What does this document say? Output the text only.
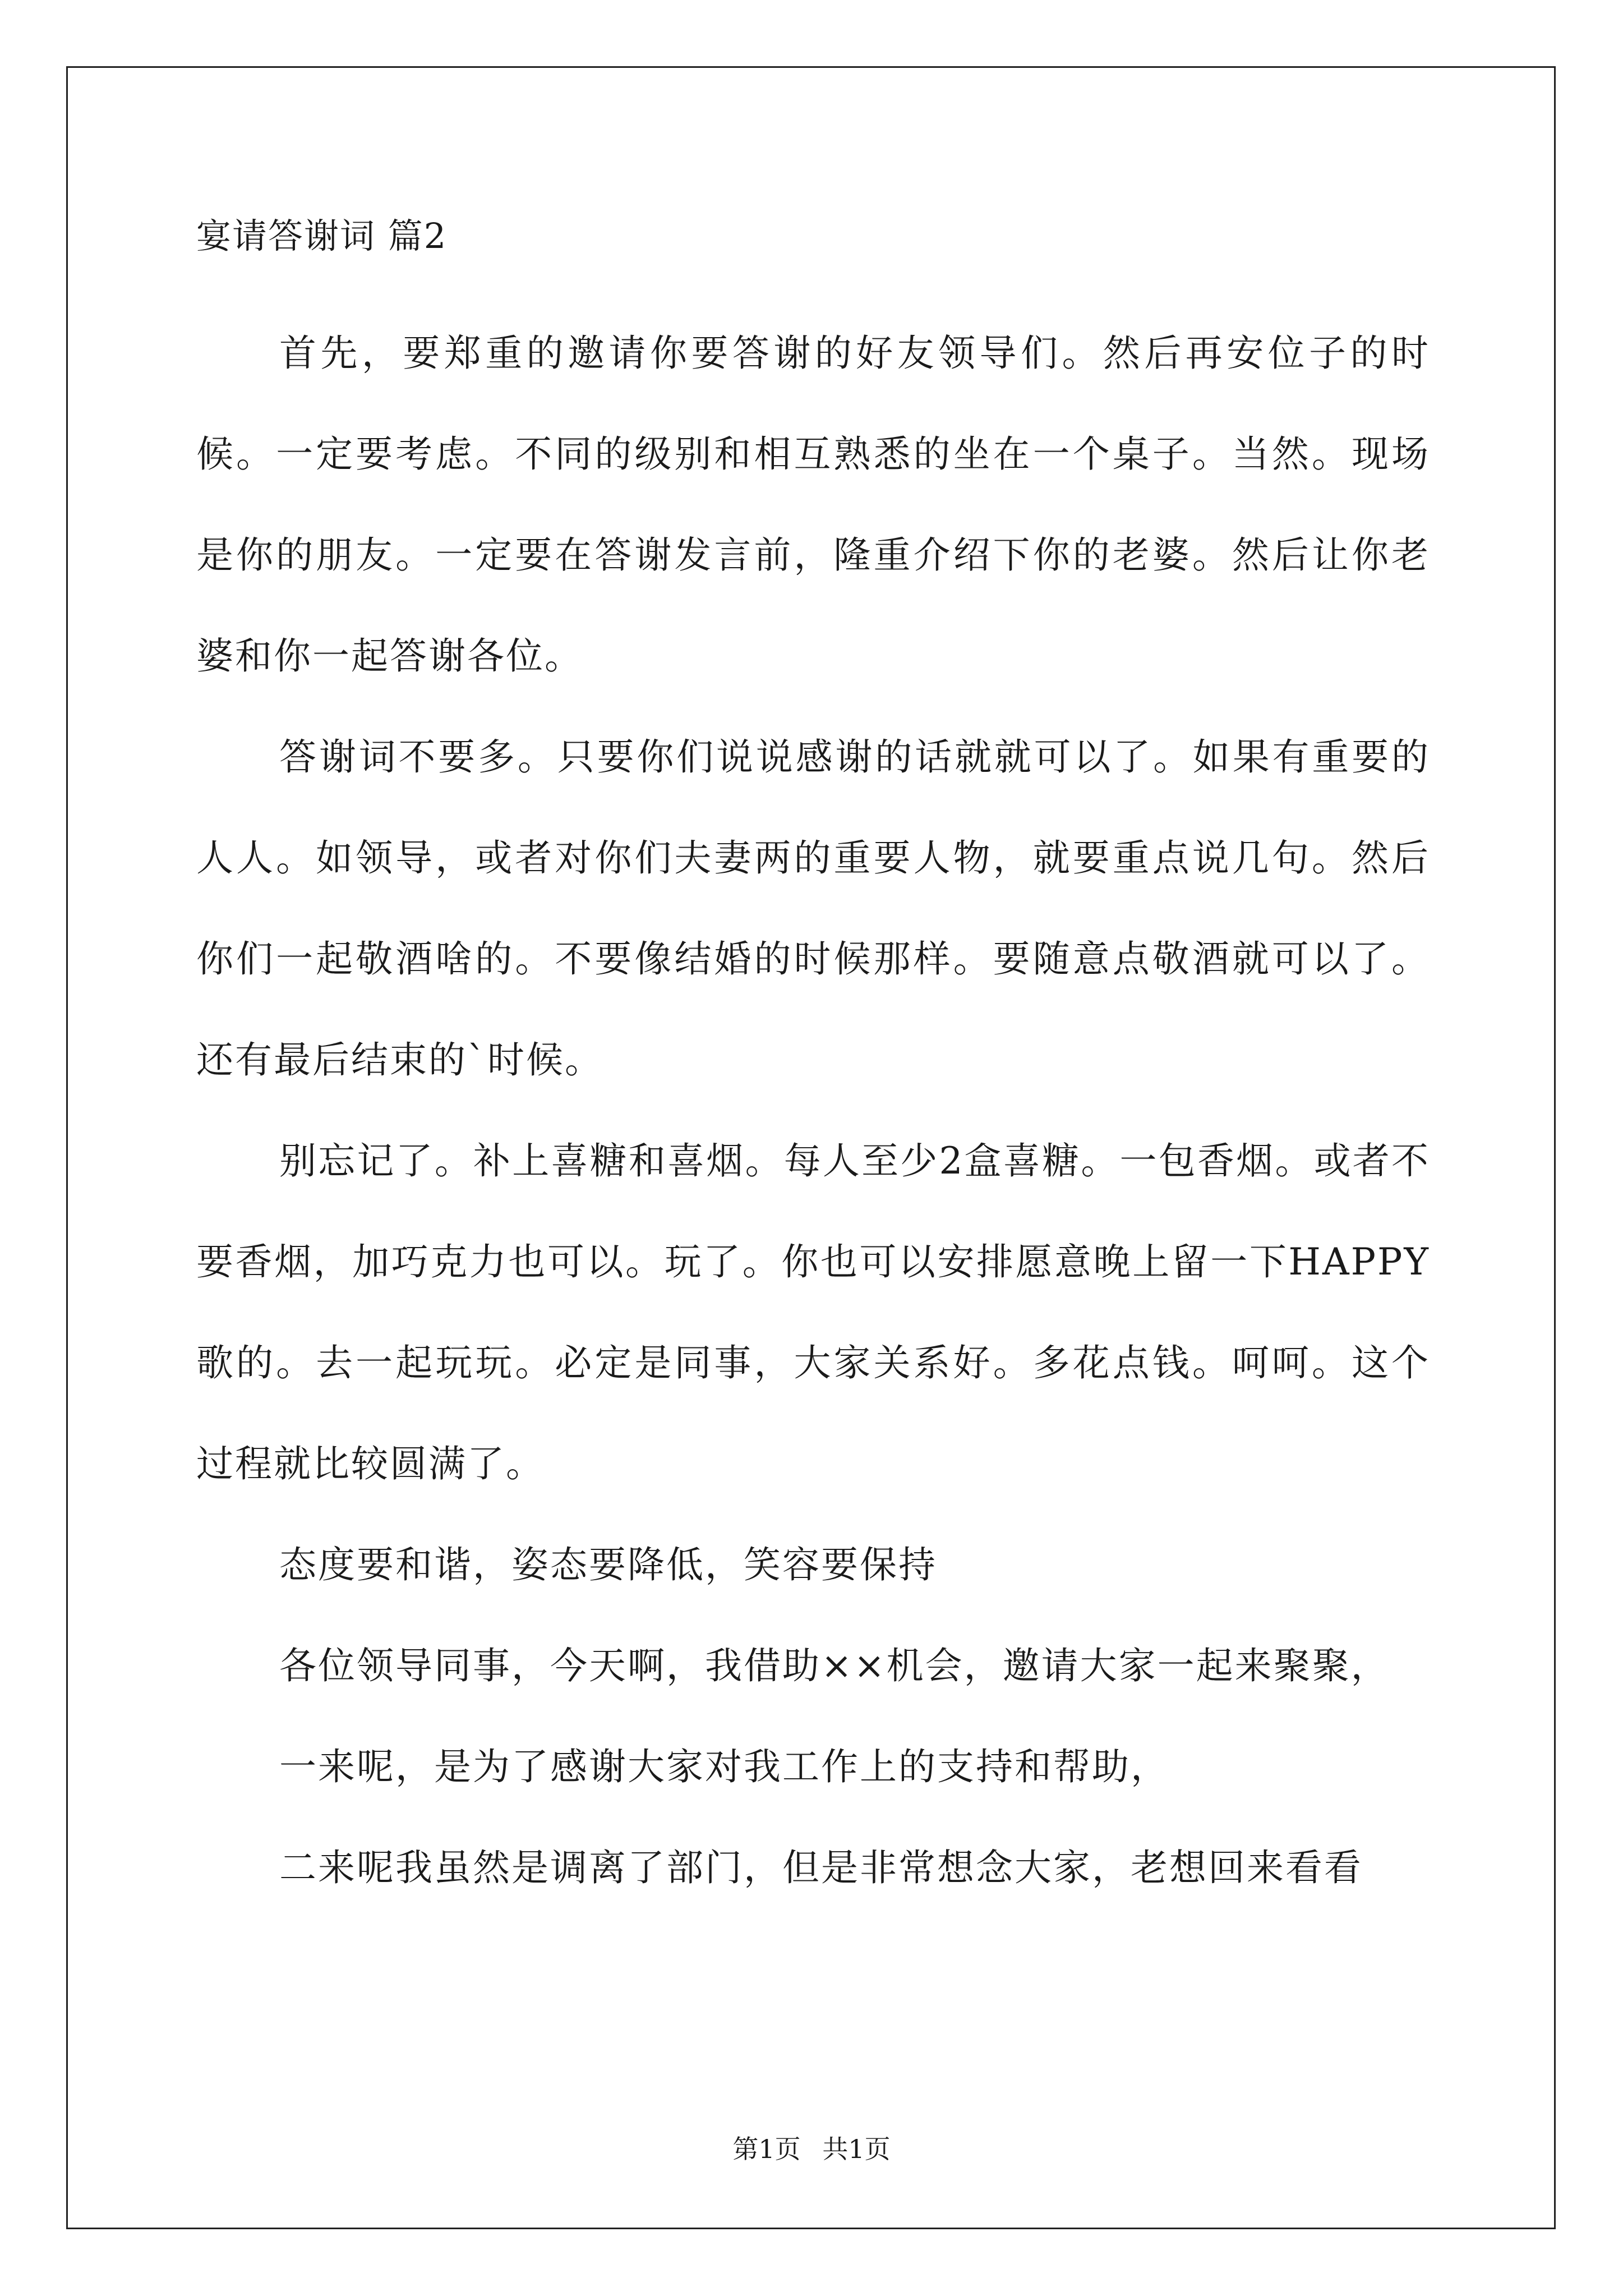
宴请答谢词 篇2

首先，要郑重的邀请你要答谢的好友领导们。然后再安位子的时候。一定要考虑。不同的级别和相互熟悉的坐在一个桌子。当然。现场是你的朋友。一定要在答谢发言前，隆重介绍下你的老婆。然后让你老婆和你一起答谢各位。

答谢词不要多。只要你们说说感谢的话就就可以了。如果有重要的人人。如领导，或者对你们夫妻两的重要人物，就要重点说几句。然后你们一起敬酒啥的。不要像结婚的时候那样。要随意点敬酒就可以了。还有最后结束的`时候。

别忘记了。补上喜糖和喜烟。每人至少2盒喜糖。一包香烟。或者不要香烟，加巧克力也可以。玩了。你也可以安排愿意晚上留一下HAPPY歌的。去一起玩玩。必定是同事，大家关系好。多花点钱。呵呵。这个过程就比较圆满了。

态度要和谐，姿态要降低，笑容要保持

各位领导同事，今天啊，我借助××机会，邀请大家一起来聚聚，

一来呢，是为了感谢大家对我工作上的支持和帮助，

二来呢我虽然是调离了部门，但是非常想念大家，老想回来看看

第1页 共1页
